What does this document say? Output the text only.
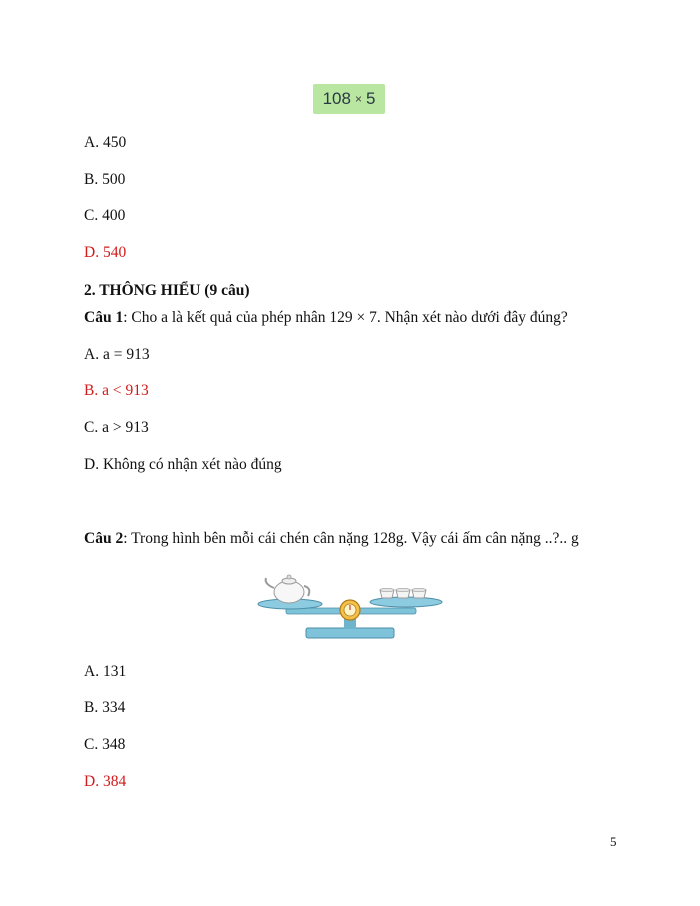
108 × 5
A. 450
B. 500
C. 400
D. 540
2. THÔNG HIỂU (9 câu)
Câu 1: Cho a là kết quả của phép nhân 129 × 7. Nhận xét nào dưới đây đúng?
A. a = 913
B. a < 913
C. a > 913
D. Không có nhận xét nào đúng
Câu 2: Trong hình bên mỗi cái chén cân nặng 128g. Vậy cái ấm cân nặng ..?.. g
A. 131
B. 334
C. 348
D. 384
5
